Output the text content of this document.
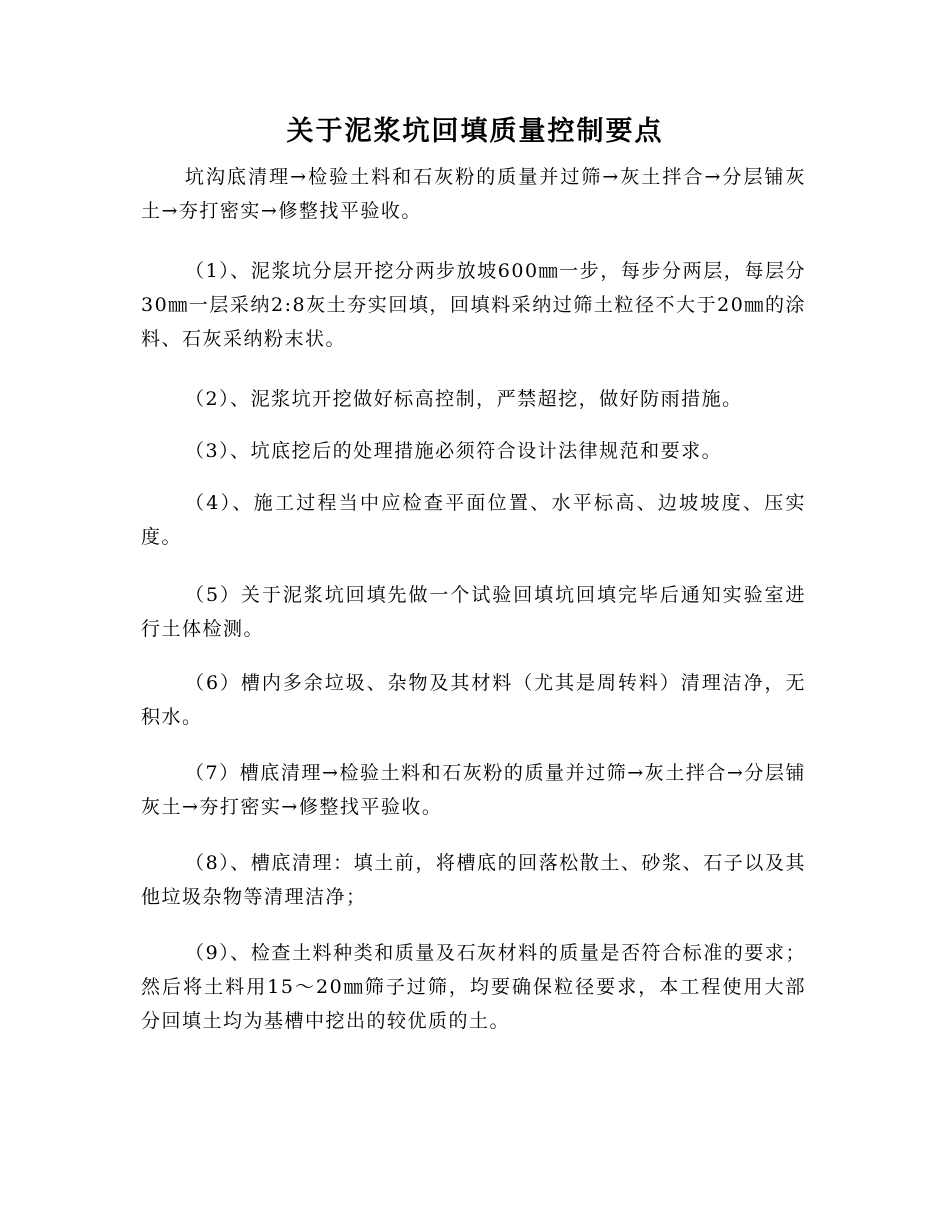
关于泥浆坑回填质量控制要点

坑沟底清理→检验土料和石灰粉的质量并过筛→灰土拌合→分层铺灰土→夯打密实→修整找平验收。

（1）、泥浆坑分层开挖分两步放坡600㎜一步，每步分两层，每层分30㎜一层采纳2:8灰土夯实回填，回填料采纳过筛土粒径不大于20㎜的涂料、石灰采纳粉末状。

（2）、泥浆坑开挖做好标高控制，严禁超挖，做好防雨措施。

（3）、坑底挖后的处理措施必须符合设计法律规范和要求。

（4）、施工过程当中应检查平面位置、水平标高、边坡坡度、压实度。

（5）关于泥浆坑回填先做一个试验回填坑回填完毕后通知实验室进行土体检测。

（6）槽内多余垃圾、杂物及其材料（尤其是周转料）清理洁净，无积水。

（7）槽底清理→检验土料和石灰粉的质量并过筛→灰土拌合→分层铺灰土→夯打密实→修整找平验收。

（8）、槽底清理：填土前，将槽底的回落松散土、砂浆、石子以及其他垃圾杂物等清理洁净；

（9）、检查土料种类和质量及石灰材料的质量是否符合标准的要求；然后将土料用15～20㎜筛子过筛，均要确保粒径要求，本工程使用大部分回填土均为基槽中挖出的较优质的土。
